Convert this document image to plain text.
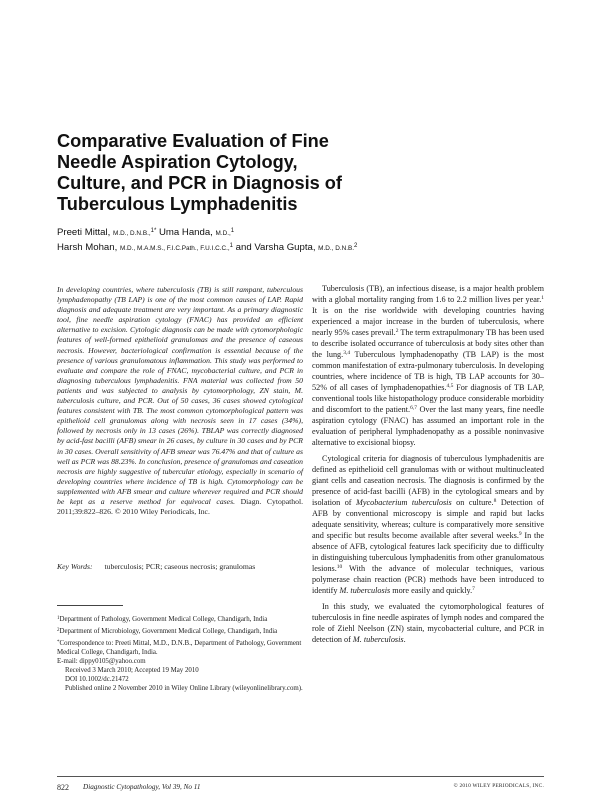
Comparative Evaluation of Fine
Needle Aspiration Cytology,
Culture, and PCR in Diagnosis of
Tuberculous Lymphadenitis
Preeti Mittal, M.D., D.N.B.,$^{1*}$ Uma Handa, M.D.,$^1$
Harsh Mohan, M.D., M.A.M.S., F.I.C.Path., F.U.I.C.C.,$^1$ and Varsha Gupta, M.D., D.N.B.$^2$

In developing countries, where tuberculosis (TB) is still rampant, tuberculous lymphadenopathy (TB LAP) is one of the most common causes of LAP. Rapid diagnosis and adequate treatment are very important. As a primary diagnostic tool, fine needle aspiration cytology (FNAC) has provided an efficient alternative to excision. Cytologic diagnosis can be made with cytomorphologic features of well-formed epithelioid granulomas and the presence of caseous necrosis. However, bacteriological confirmation is essential because of the presence of various granulomatous inflammation. This study was performed to evaluate and compare the role of FNAC, mycobacterial culture, and PCR in diagnosing tuberculous lymphadenitis. FNA material was collected from 50 patients and was subjected to analysis by cytomorphology, ZN stain, M. tuberculosis culture, and PCR. Out of 50 cases, 36 cases showed cytological features consistent with TB. The most common cytomorphological pattern was epithelioid cell granulomas along with necrosis seen in 17 cases (34%), followed by necrosis only in 13 cases (26%). TBLAP was correctly diagnosed by acid-fast bacilli (AFB) smear in 26 cases, by culture in 30 cases and by PCR in 30 cases. Overall sensitivity of AFB smear was 76.47% and that of culture as well as PCR was 88.23%. In conclusion, presence of granulomas and caseation necrosis are highly suggestive of tubercular etiology, especially in scenario of developing countries where incidence of TB is high. Cytomorphology can be supplemented with AFB smear and culture wherever required and PCR should be kept as a reserve method for equivocal cases. Diagn. Cytopathol. 2011;39:822–826. © 2010 Wiley Periodicals, Inc.

Key Words: tuberculosis; PCR; caseous necrosis; granulomas

$^1$Department of Pathology, Government Medical College, Chandigarh, India

$^2$Department of Microbiology, Government Medical College, Chandigarh, India

*Correspondence to: Preeti Mittal, M.D., D.N.B., Department of Pathology, Government Medical College, Chandigarh, India.

E-mail: dippy0105@yahoo.com

Received 3 March 2010; Accepted 19 May 2010

DOI 10.1002/dc.21472

Published online 2 November 2010 in Wiley Online Library (wileyonlinelibrary.com).

Tuberculosis (TB), an infectious disease, is a major health problem with a global mortality ranging from 1.6 to 2.2 million lives per year.$^1$ It is on the rise worldwide with developing countries having experienced a major increase in the burden of tuberculosis, where nearly 95% cases prevail.$^2$ The term extrapulmonary TB has been used to describe isolated occurrance of tuberculosis at body sites other than the lung.$^{3,4}$ Tuberculous lymphadenopathy (TB LAP) is the most common manifestation of extra-pulmonary tuberculosis. In developing countries, where incidence of TB is high, TB LAP accounts for 30–52% of all cases of lymphadenopathies.$^{4,5}$ For diagnosis of TB LAP, conventional tools like histopathology produce considerable morbidity and discomfort to the patient.$^{6,7}$ Over the last many years, fine needle aspiration cytology (FNAC) has assumed an important role in the evaluation of peripheral lymphadenopathy as a possible noninvasive alternative to excisional biopsy.

Cytological criteria for diagnosis of tuberculous lymphadenitis are defined as epithelioid cell granulomas with or without multinucleated giant cells and caseation necrosis. The diagnosis is confirmed by the presence of acid-fast bacilli (AFB) in the cytological smears and by isolation of Mycobacterium tuberculosis on culture.$^8$ Detection of AFB by conventional microscopy is simple and rapid but lacks adequate sensitivity, whereas; culture is comparatively more sensitive and specific but results become available after several weeks.$^9$ In the absence of AFB, cytological features lack specificity due to difficulty in distinguishing tuberculous lymphadenitis from other granulomatous lesions.$^{10}$ With the advance of molecular techniques, various polymerase chain reaction (PCR) methods have been introduced to identify M. tuberculosis more easily and quickly.$^7$

In this study, we evaluated the cytomorphological features of tuberculosis in fine needle aspirates of lymph nodes and compared the role of Ziehl Neelson (ZN) stain, mycobacterial culture, and PCR in detection of M. tuberculosis.

822 Diagnostic Cytopathology, Vol 39, No 11	© 2010 WILEY PERIODICALS, INC.
